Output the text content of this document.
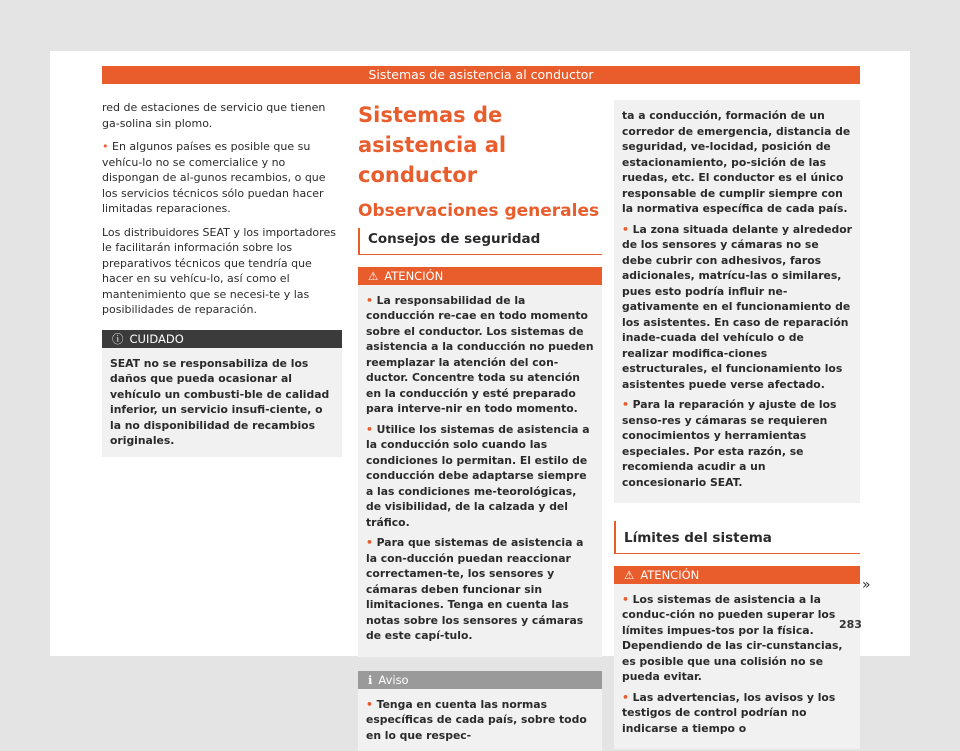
Sistemas de asistencia al conductor

red de estaciones de servicio que tienen ga-solina sin plomo.

• En algunos países es posible que su vehícu-lo no se comercialice y no dispongan de al-gunos recambios, o que los servicios técnicos sólo puedan hacer limitadas reparaciones.

Los distribuidores SEAT y los importadores le facilitarán información sobre los preparativos técnicos que tendría que hacer en su vehícu-lo, así como el mantenimiento que se necesi-te y las posibilidades de reparación.

ⓘ CUIDADO
SEAT no se responsabiliza de los daños que pueda ocasionar al vehículo un combusti-ble de calidad inferior, un servicio insufi-ciente, o la no disponibilidad de recambios originales.
Sistemas de asistencia al conductor
Observaciones generales
Consejos de seguridad
⚠ ATENCIÓN

• La responsabilidad de la conducción re-cae en todo momento sobre el conductor. Los sistemas de asistencia a la conducción no pueden reemplazar la atención del con-ductor. Concentre toda su atención en la conducción y esté preparado para interve-nir en todo momento.

• Utilice los sistemas de asistencia a la conducción solo cuando las condiciones lo permitan. El estilo de conducción debe adaptarse siempre a las condiciones me-teorológicas, de visibilidad, de la calzada y del tráfico.

• Para que sistemas de asistencia a la con-ducción puedan reaccionar correctamen-te, los sensores y cámaras deben funcionar sin limitaciones. Tenga en cuenta las notas sobre los sensores y cámaras de este capí-tulo.

ℹ Aviso
• Tenga en cuenta las normas específicas de cada país, sobre todo en lo que respec-

ta a conducción, formación de un corredor de emergencia, distancia de seguridad, ve-locidad, posición de estacionamiento, po-sición de las ruedas, etc. El conductor es el único responsable de cumplir siempre con la normativa específica de cada país.

• La zona situada delante y alrededor de los sensores y cámaras no se debe cubrir con adhesivos, faros adicionales, matrícu-las o similares, pues esto podría influir ne-gativamente en el funcionamiento de los asistentes. En caso de reparación inade-cuada del vehículo o de realizar modifica-ciones estructurales, el funcionamiento los asistentes puede verse afectado.

• Para la reparación y ajuste de los senso-res y cámaras se requieren conocimientos y herramientas especiales. Por esta razón, se recomienda acudir a un concesionario SEAT.

Límites del sistema
⚠ ATENCIÓN

• Los sistemas de asistencia a la conduc-ción no pueden superar los límites impues-tos por la física. Dependiendo de las cir-cunstancias, es posible que una colisión no se pueda evitar.

• Las advertencias, los avisos y los testigos de control podrían no indicarse a tiempo o

»
283
